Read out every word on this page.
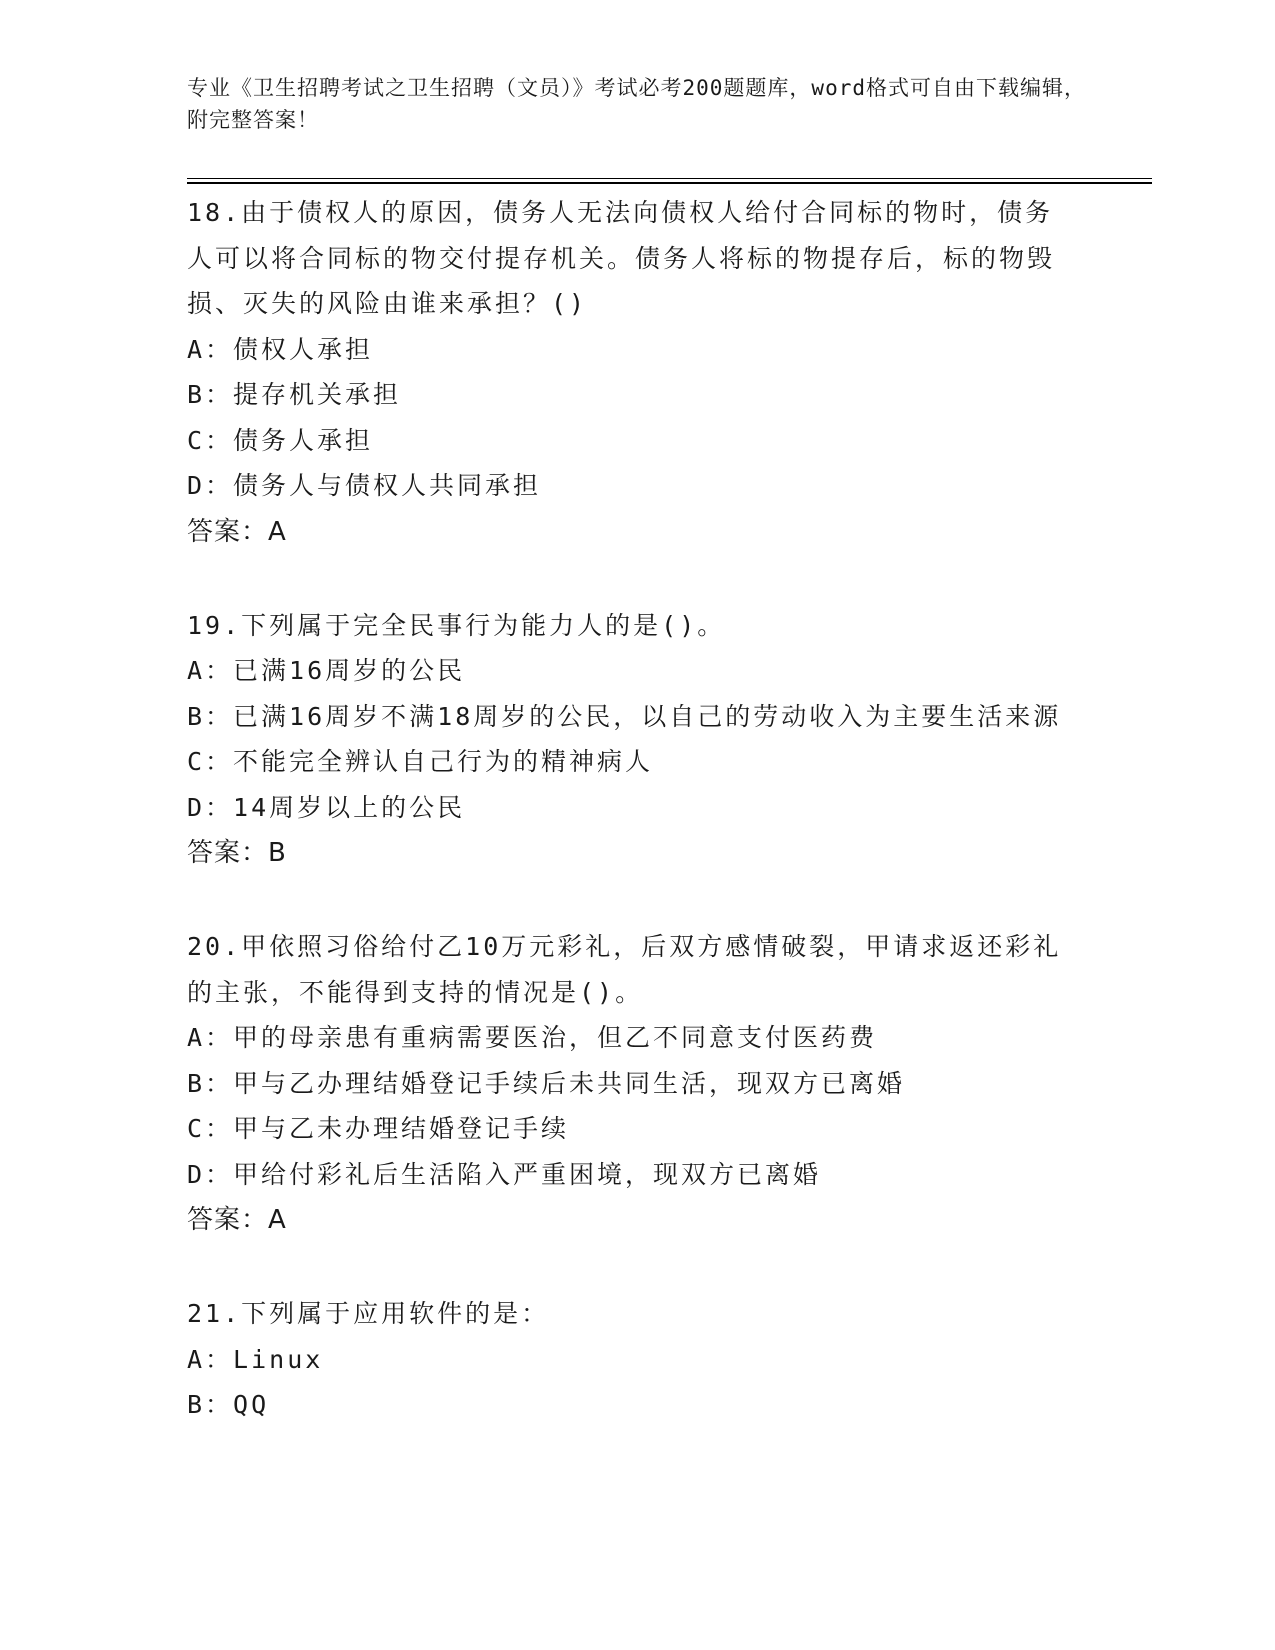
专业《卫生招聘考试之卫生招聘（文员）》考试必考200题题库，word格式可自由下载编辑，附完整答案！

18.由于债权人的原因，债务人无法向债权人给付合同标的物时，债务人可以将合同标的物交付提存机关。债务人将标的物提存后，标的物毁损、灭失的风险由谁来承担？()

A：债权人承担

B：提存机关承担

C：债务人承担

D：债务人与债权人共同承担

答案：A

19.下列属于完全民事行为能力人的是()。

A：已满16周岁的公民

B：已满16周岁不满18周岁的公民，以自己的劳动收入为主要生活来源

C：不能完全辨认自己行为的精神病人

D：14周岁以上的公民

答案：B

20.甲依照习俗给付乙10万元彩礼，后双方感情破裂，甲请求返还彩礼的主张，不能得到支持的情况是()。

A：甲的母亲患有重病需要医治，但乙不同意支付医药费

B：甲与乙办理结婚登记手续后未共同生活，现双方已离婚

C：甲与乙未办理结婚登记手续

D：甲给付彩礼后生活陷入严重困境，现双方已离婚

答案：A

21.下列属于应用软件的是：

A：Linux

B：QQ
